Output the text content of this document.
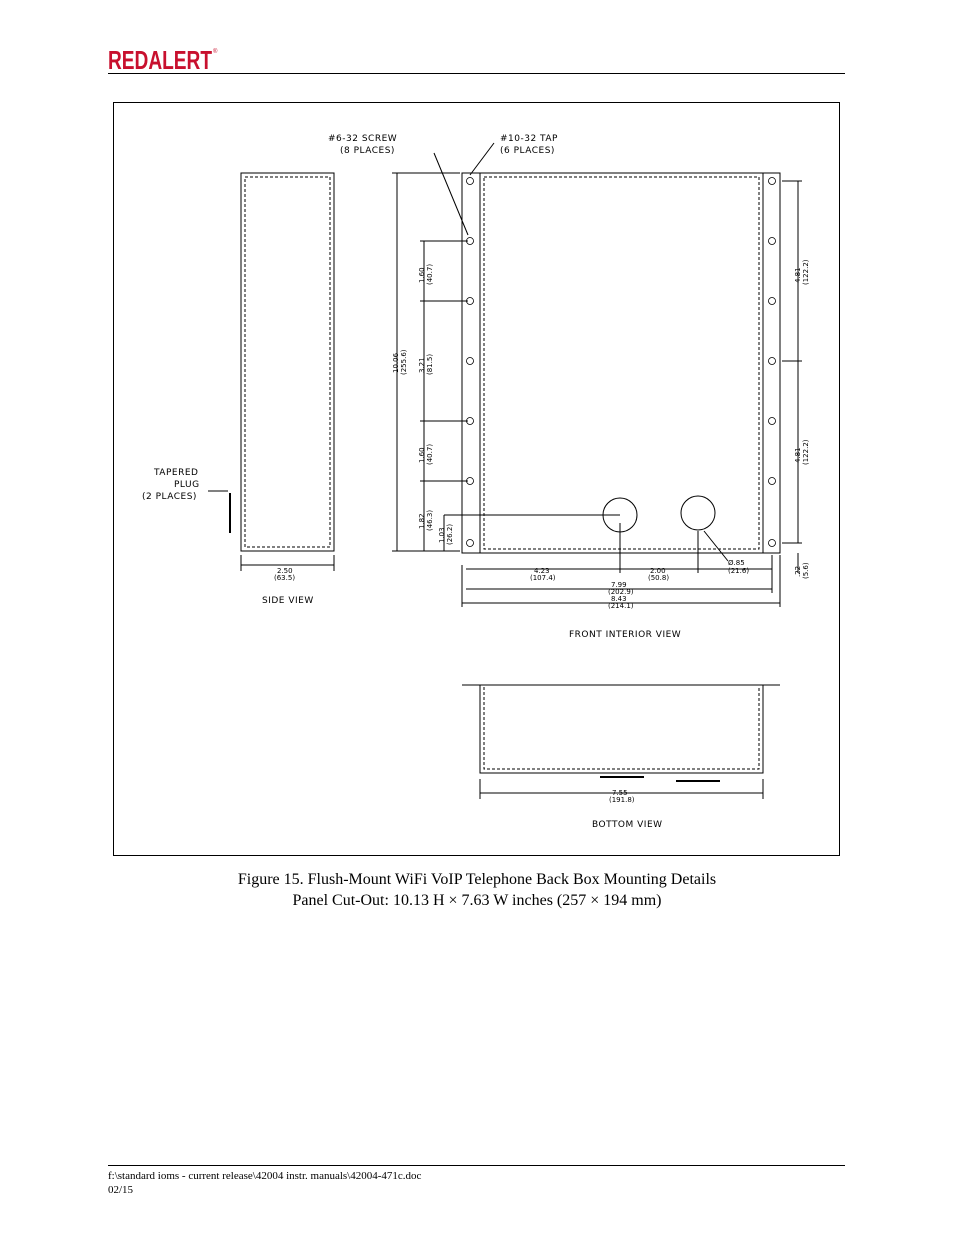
REDALERT ®
#6-32 SCREW
(8 PLACES)
#10-32 TAP
(6 PLACES)
TAPERED
PLUG
(2 PLACES)
SIDE VIEW
FRONT INTERIOR VIEW
BOTTOM VIEW
Ø.85
(21.6)
2.50
(63.5)
4.23
(107.4)
2.00
(50.8)
7.99
(202.9)
8.43
(214.1)
7.55
(191.8)
10.06 (255.6)
1.60 (40.7)
3.21 (81.5)
1.60 (40.7)
1.82 (46.3)
1.03 (26.2)
4.81 (122.2)
4.81 (122.2)
.22 (5.6)
Figure 15. Flush-Mount WiFi VoIP Telephone Back Box Mounting Details
Panel Cut-Out: 10.13 H × 7.63 W inches (257 × 194 mm)
f:\standard ioms - current release\42004 instr. manuals\42004-471c.doc
02/15
